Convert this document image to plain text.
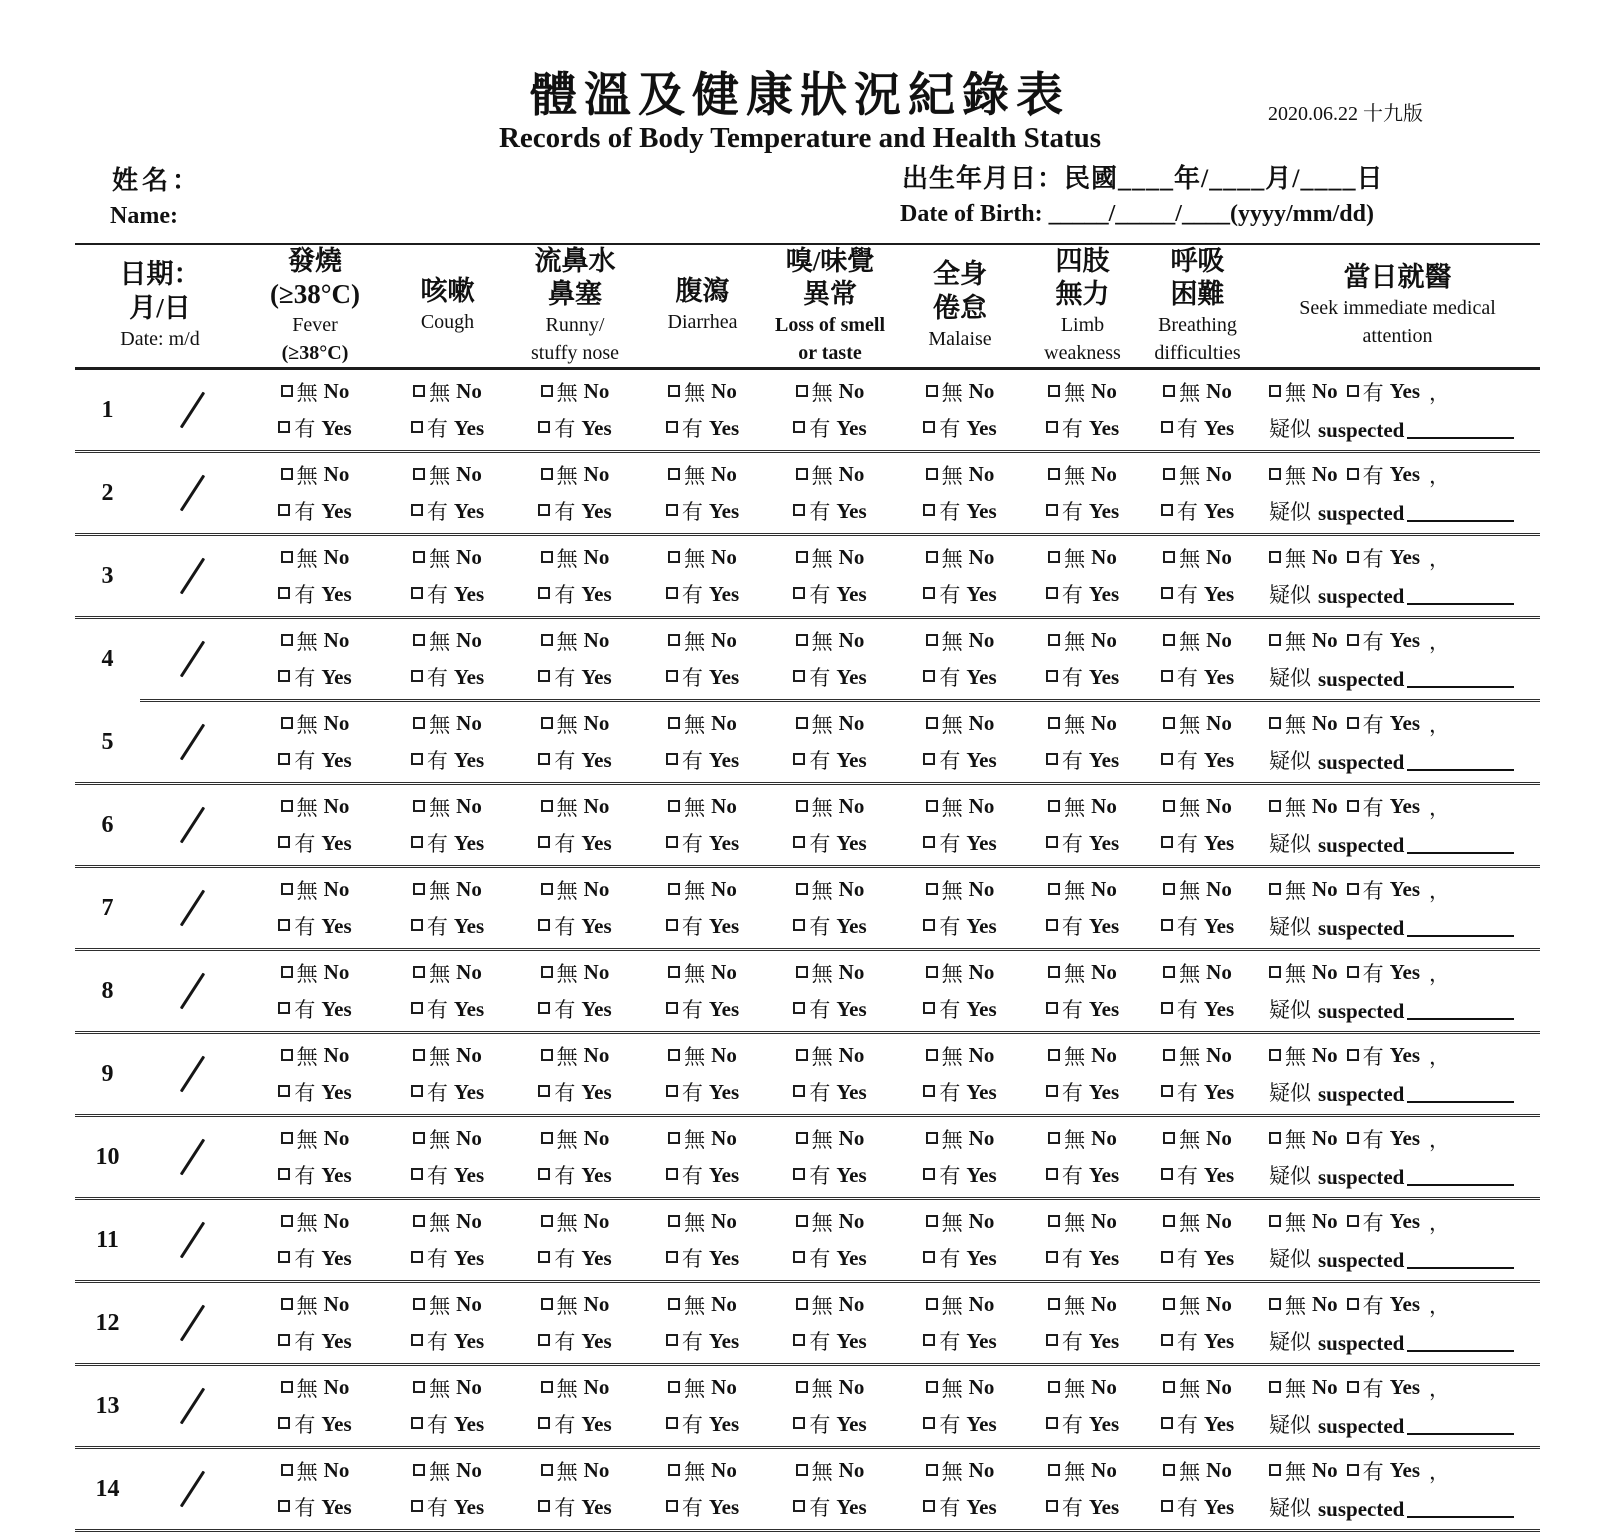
體溫及健康狀況紀錄表	2020.06.22 十九版
Records of Body Temperature and Health Status
姓名：
Name:
出生年月日：民國____年/____月/____日
Date of Birth: _____/_____/____(yyyy/mm/dd)
日期：
月/日
Date: m/d
發燒
(≥38°C)
Fever
(≥38°C)
咳嗽
Cough
流鼻水
鼻塞
Runny/
stuffy nose
腹瀉
Diarrhea
嗅/味覺
異常
Loss of smell
or taste
全身
倦怠
Malaise
四肢
無力
Limb
weakness
呼吸
困難
Breathing
difficulties
當日就醫
Seek immediate medical
attention
1
無 No
有 Yes
無 No
有 Yes
無 No
有 Yes
無 No
有 Yes
無 No
有 Yes
無 No
有 Yes
無 No
有 Yes
無 No
有 Yes
無 No 有 Yes ，
疑似 suspected
2
無 No
有 Yes
無 No
有 Yes
無 No
有 Yes
無 No
有 Yes
無 No
有 Yes
無 No
有 Yes
無 No
有 Yes
無 No
有 Yes
無 No 有 Yes ，
疑似 suspected
3
無 No
有 Yes
無 No
有 Yes
無 No
有 Yes
無 No
有 Yes
無 No
有 Yes
無 No
有 Yes
無 No
有 Yes
無 No
有 Yes
無 No 有 Yes ，
疑似 suspected
4
無 No
有 Yes
無 No
有 Yes
無 No
有 Yes
無 No
有 Yes
無 No
有 Yes
無 No
有 Yes
無 No
有 Yes
無 No
有 Yes
無 No 有 Yes ，
疑似 suspected
5
無 No
有 Yes
無 No
有 Yes
無 No
有 Yes
無 No
有 Yes
無 No
有 Yes
無 No
有 Yes
無 No
有 Yes
無 No
有 Yes
無 No 有 Yes ，
疑似 suspected
6
無 No
有 Yes
無 No
有 Yes
無 No
有 Yes
無 No
有 Yes
無 No
有 Yes
無 No
有 Yes
無 No
有 Yes
無 No
有 Yes
無 No 有 Yes ，
疑似 suspected
7
無 No
有 Yes
無 No
有 Yes
無 No
有 Yes
無 No
有 Yes
無 No
有 Yes
無 No
有 Yes
無 No
有 Yes
無 No
有 Yes
無 No 有 Yes ，
疑似 suspected
8
無 No
有 Yes
無 No
有 Yes
無 No
有 Yes
無 No
有 Yes
無 No
有 Yes
無 No
有 Yes
無 No
有 Yes
無 No
有 Yes
無 No 有 Yes ，
疑似 suspected
9
無 No
有 Yes
無 No
有 Yes
無 No
有 Yes
無 No
有 Yes
無 No
有 Yes
無 No
有 Yes
無 No
有 Yes
無 No
有 Yes
無 No 有 Yes ，
疑似 suspected
10
無 No
有 Yes
無 No
有 Yes
無 No
有 Yes
無 No
有 Yes
無 No
有 Yes
無 No
有 Yes
無 No
有 Yes
無 No
有 Yes
無 No 有 Yes ，
疑似 suspected
11
無 No
有 Yes
無 No
有 Yes
無 No
有 Yes
無 No
有 Yes
無 No
有 Yes
無 No
有 Yes
無 No
有 Yes
無 No
有 Yes
無 No 有 Yes ，
疑似 suspected
12
無 No
有 Yes
無 No
有 Yes
無 No
有 Yes
無 No
有 Yes
無 No
有 Yes
無 No
有 Yes
無 No
有 Yes
無 No
有 Yes
無 No 有 Yes ，
疑似 suspected
13
無 No
有 Yes
無 No
有 Yes
無 No
有 Yes
無 No
有 Yes
無 No
有 Yes
無 No
有 Yes
無 No
有 Yes
無 No
有 Yes
無 No 有 Yes ，
疑似 suspected
14
無 No
有 Yes
無 No
有 Yes
無 No
有 Yes
無 No
有 Yes
無 No
有 Yes
無 No
有 Yes
無 No
有 Yes
無 No
有 Yes
無 No 有 Yes ，
疑似 suspected
